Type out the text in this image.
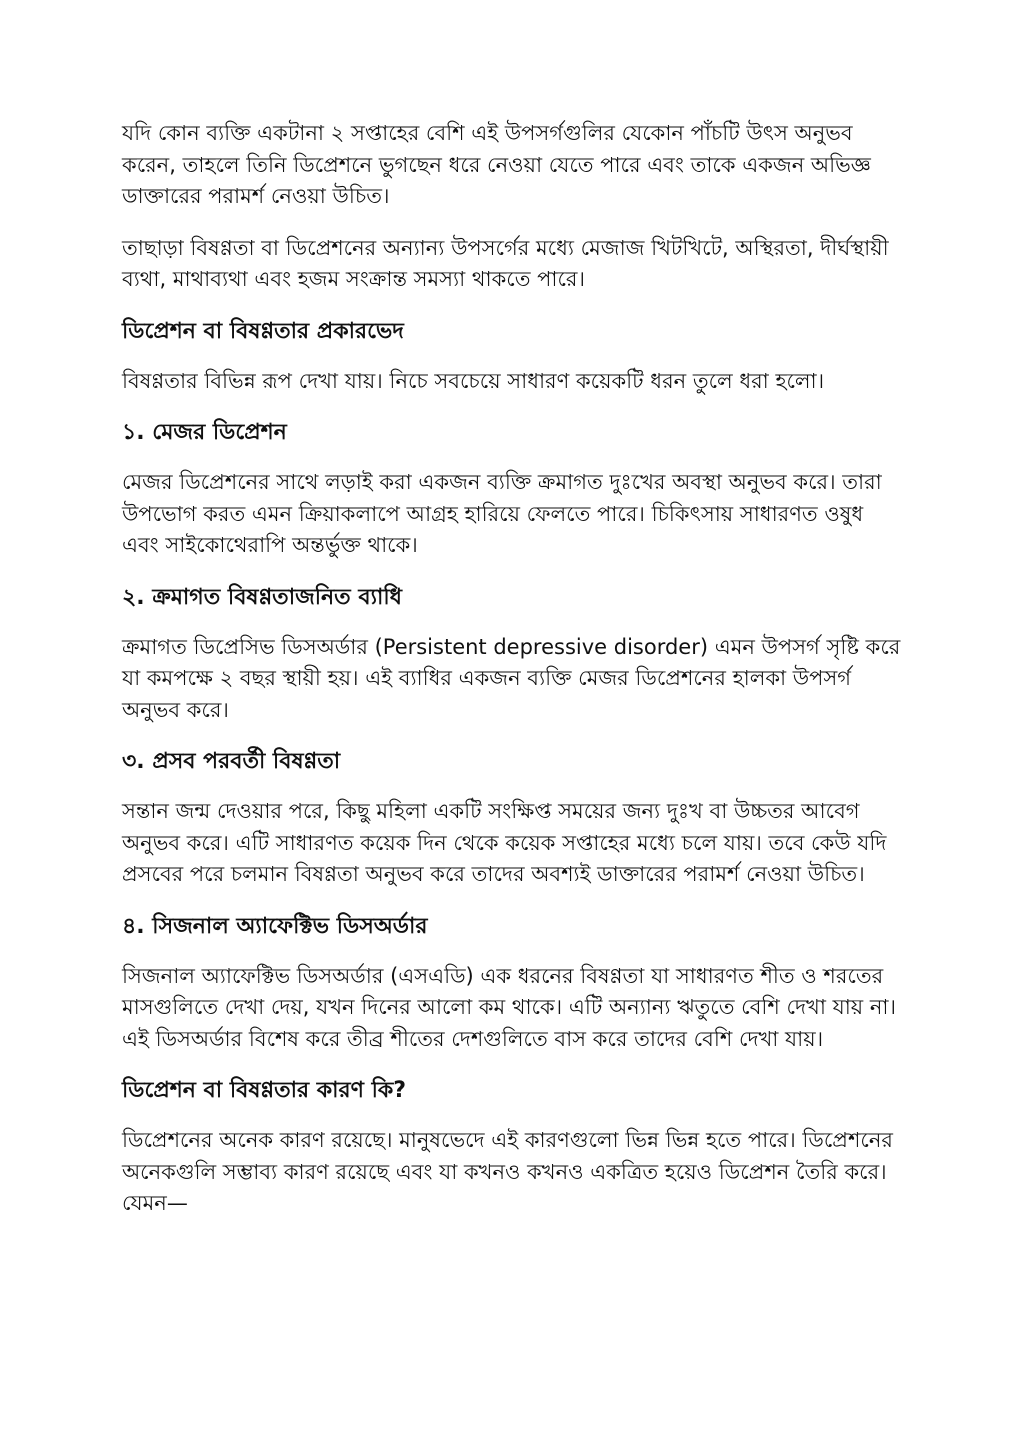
যদি কোন ব্যক্তি একটানা ২ সপ্তাহের বেশি এই উপসর্গগুলির যেকোন পাঁচটি উৎস অনুভব করেন, তাহলে তিনি ডিপ্রেশনে ভুগছেন ধরে নেওয়া যেতে পারে এবং তাকে একজন অভিজ্ঞ ডাক্তারের পরামর্শ নেওয়া উচিত।

তাছাড়া বিষণ্ণতা বা ডিপ্রেশনের অন্যান্য উপসর্গের মধ্যে মেজাজ খিটখিটে, অস্থিরতা, দীর্ঘস্থায়ী ব্যথা, মাথাব্যথা এবং হজম সংক্রান্ত সমস্যা থাকতে পারে।

ডিপ্রেশন বা বিষণ্ণতার প্রকারভেদ

বিষণ্ণতার বিভিন্ন রূপ দেখা যায়। নিচে সবচেয়ে সাধারণ কয়েকটি ধরন তুলে ধরা হলো।

১. মেজর ডিপ্রেশন

মেজর ডিপ্রেশনের সাথে লড়াই করা একজন ব্যক্তি ক্রমাগত দুঃখের অবস্থা অনুভব করে। তারা উপভোগ করত এমন ক্রিয়াকলাপে আগ্রহ হারিয়ে ফেলতে পারে। চিকিৎসায় সাধারণত ওষুধ এবং সাইকোথেরাপি অন্তর্ভুক্ত থাকে।

২. ক্রমাগত বিষণ্ণতাজনিত ব্যাধি

ক্রমাগত ডিপ্রেসিভ ডিসঅর্ডার (Persistent depressive disorder) এমন উপসর্গ সৃষ্টি করে যা কমপক্ষে ২ বছর স্থায়ী হয়। এই ব্যাধির একজন ব্যক্তি মেজর ডিপ্রেশনের হালকা উপসর্গ অনুভব করে।

৩. প্রসব পরবর্তী বিষণ্ণতা

সন্তান জন্ম দেওয়ার পরে, কিছু মহিলা একটি সংক্ষিপ্ত সময়ের জন্য দুঃখ বা উচ্চতর আবেগ অনুভব করে। এটি সাধারণত কয়েক দিন থেকে কয়েক সপ্তাহের মধ্যে চলে যায়। তবে কেউ যদি প্রসবের পরে চলমান বিষণ্ণতা অনুভব করে তাদের অবশ্যই ডাক্তারের পরামর্শ নেওয়া উচিত।

৪. সিজনাল অ্যাফেক্টিভ ডিসঅর্ডার

সিজনাল অ্যাফেক্টিভ ডিসঅর্ডার (এসএডি) এক ধরনের বিষণ্ণতা যা সাধারণত শীত ও শরতের মাসগুলিতে দেখা দেয়, যখন দিনের আলো কম থাকে। এটি অন্যান্য ঋতুতে বেশি দেখা যায় না। এই ডিসঅর্ডার বিশেষ করে তীব্র শীতের দেশগুলিতে বাস করে তাদের বেশি দেখা যায়।

ডিপ্রেশন বা বিষণ্ণতার কারণ কি?

ডিপ্রেশনের অনেক কারণ রয়েছে। মানুষভেদে এই কারণগুলো ভিন্ন ভিন্ন হতে পারে। ডিপ্রেশনের অনেকগুলি সম্ভাব্য কারণ রয়েছে এবং যা কখনও কখনও একত্রিত হয়েও ডিপ্রেশন তৈরি করে। যেমন—
